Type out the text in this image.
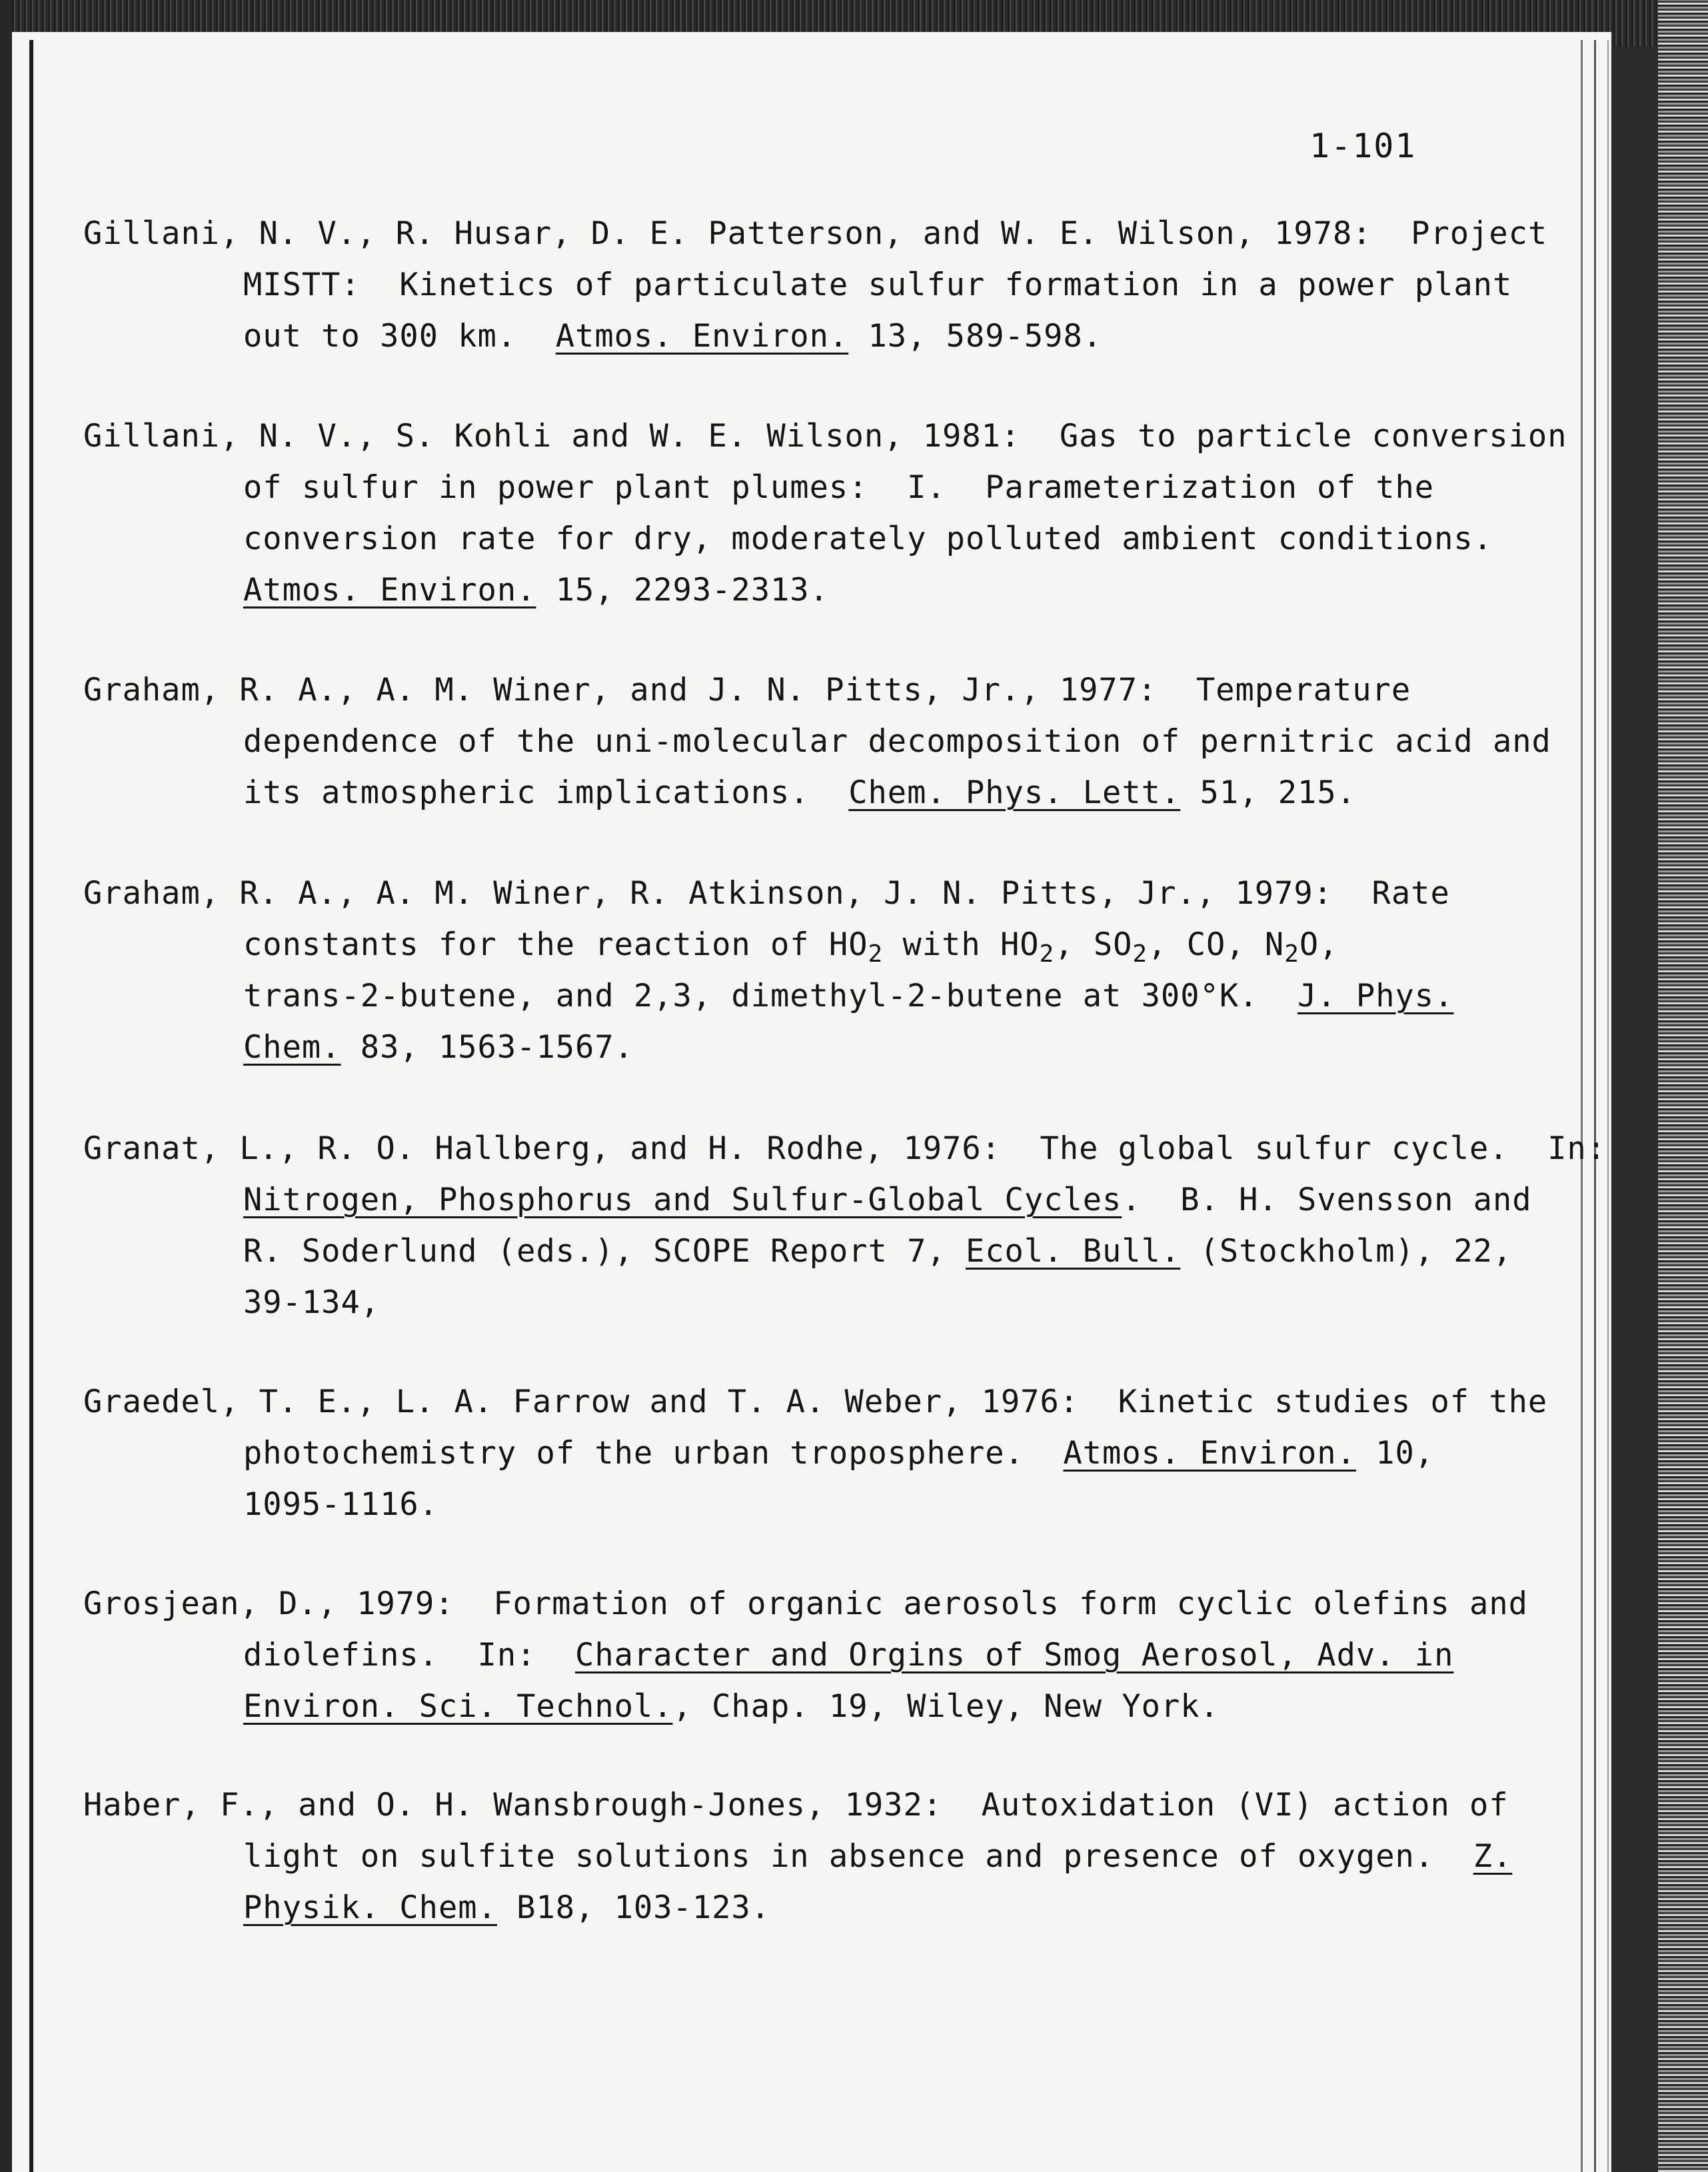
1-101
Gillani, N. V., R. Husar, D. E. Patterson, and W. E. Wilson, 1978:  Project
MISTT:  Kinetics of particulate sulfur formation in a power plant
out to 300 km.  Atmos. Environ. 13, 589-598.
Gillani, N. V., S. Kohli and W. E. Wilson, 1981:  Gas to particle conversion
of sulfur in power plant plumes:  I.  Parameterization of the
conversion rate for dry, moderately polluted ambient conditions.
Atmos. Environ. 15, 2293-2313.
Graham, R. A., A. M. Winer, and J. N. Pitts, Jr., 1977:  Temperature
dependence of the uni-molecular decomposition of pernitric acid and
its atmospheric implications.  Chem. Phys. Lett. 51, 215.
Graham, R. A., A. M. Winer, R. Atkinson, J. N. Pitts, Jr., 1979:  Rate
constants for the reaction of $HO_2$ with $HO_2$, $SO_2$, CO, $N_2O$,
trans-2-butene, and 2,3, dimethyl-2-butene at 300°K.  J. Phys.
Chem. 83, 1563-1567.
Granat, L., R. O. Hallberg, and H. Rodhe, 1976:  The global sulfur cycle.  In:
Nitrogen, Phosphorus and Sulfur-Global Cycles.  B. H. Svensson and
R. Soderlund (eds.), SCOPE Report 7, Ecol. Bull. (Stockholm), 22,
39-134,
Graedel, T. E., L. A. Farrow and T. A. Weber, 1976:  Kinetic studies of the
photochemistry of the urban troposphere.  Atmos. Environ. 10,
1095-1116.
Grosjean, D., 1979:  Formation of organic aerosols form cyclic olefins and
diolefins.  In:  Character and Orgins of Smog Aerosol, Adv. in
Environ. Sci. Technol., Chap. 19, Wiley, New York.
Haber, F., and O. H. Wansbrough-Jones, 1932:  Autoxidation (VI) action of
light on sulfite solutions in absence and presence of oxygen.  Z.
Physik. Chem. B18, 103-123.
